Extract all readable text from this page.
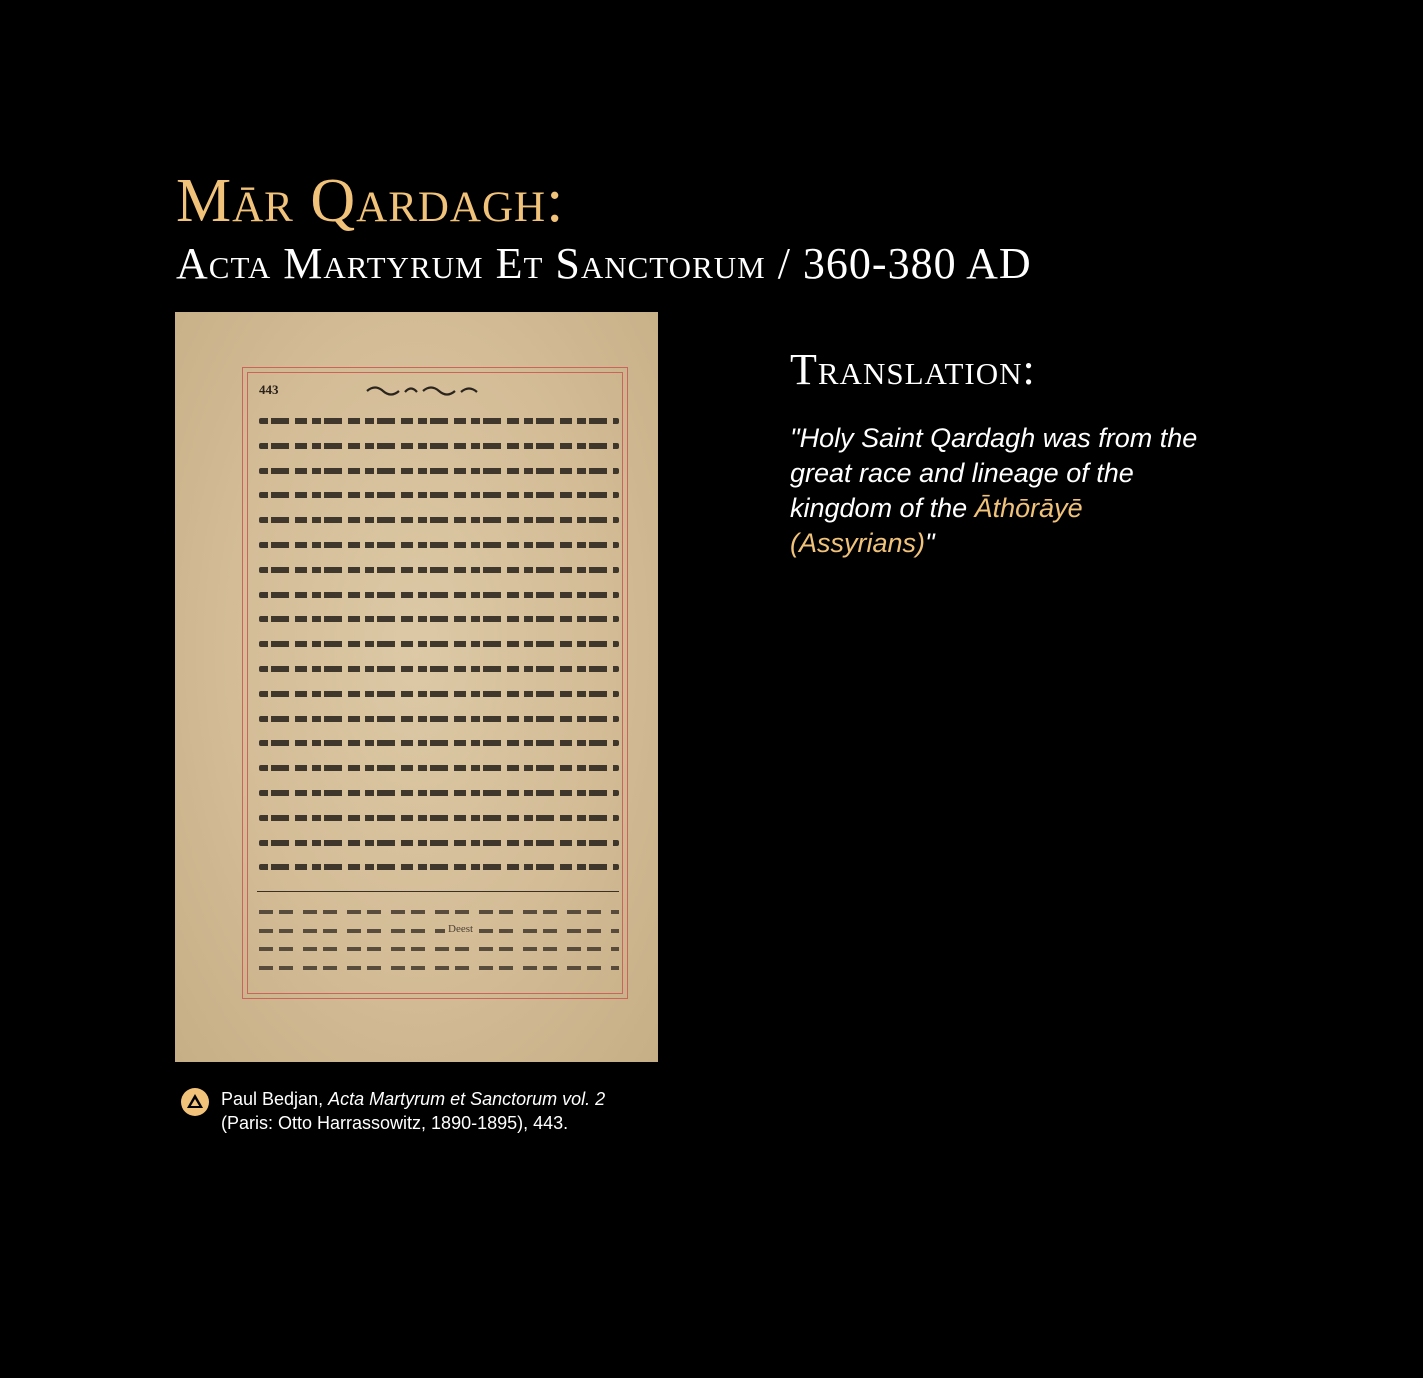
Mār Qardagh:
Acta Martyrum Et Sanctorum / 360-380 AD
443
Deest
Paul Bedjan, Acta Martyrum et Sanctorum vol. 2
(Paris: Otto Harrassowitz, 1890-1895), 443.
Translation:
"Holy Saint Qardagh was from the great race and lineage of the kingdom of the Āthōrāyē (Assyrians)"
